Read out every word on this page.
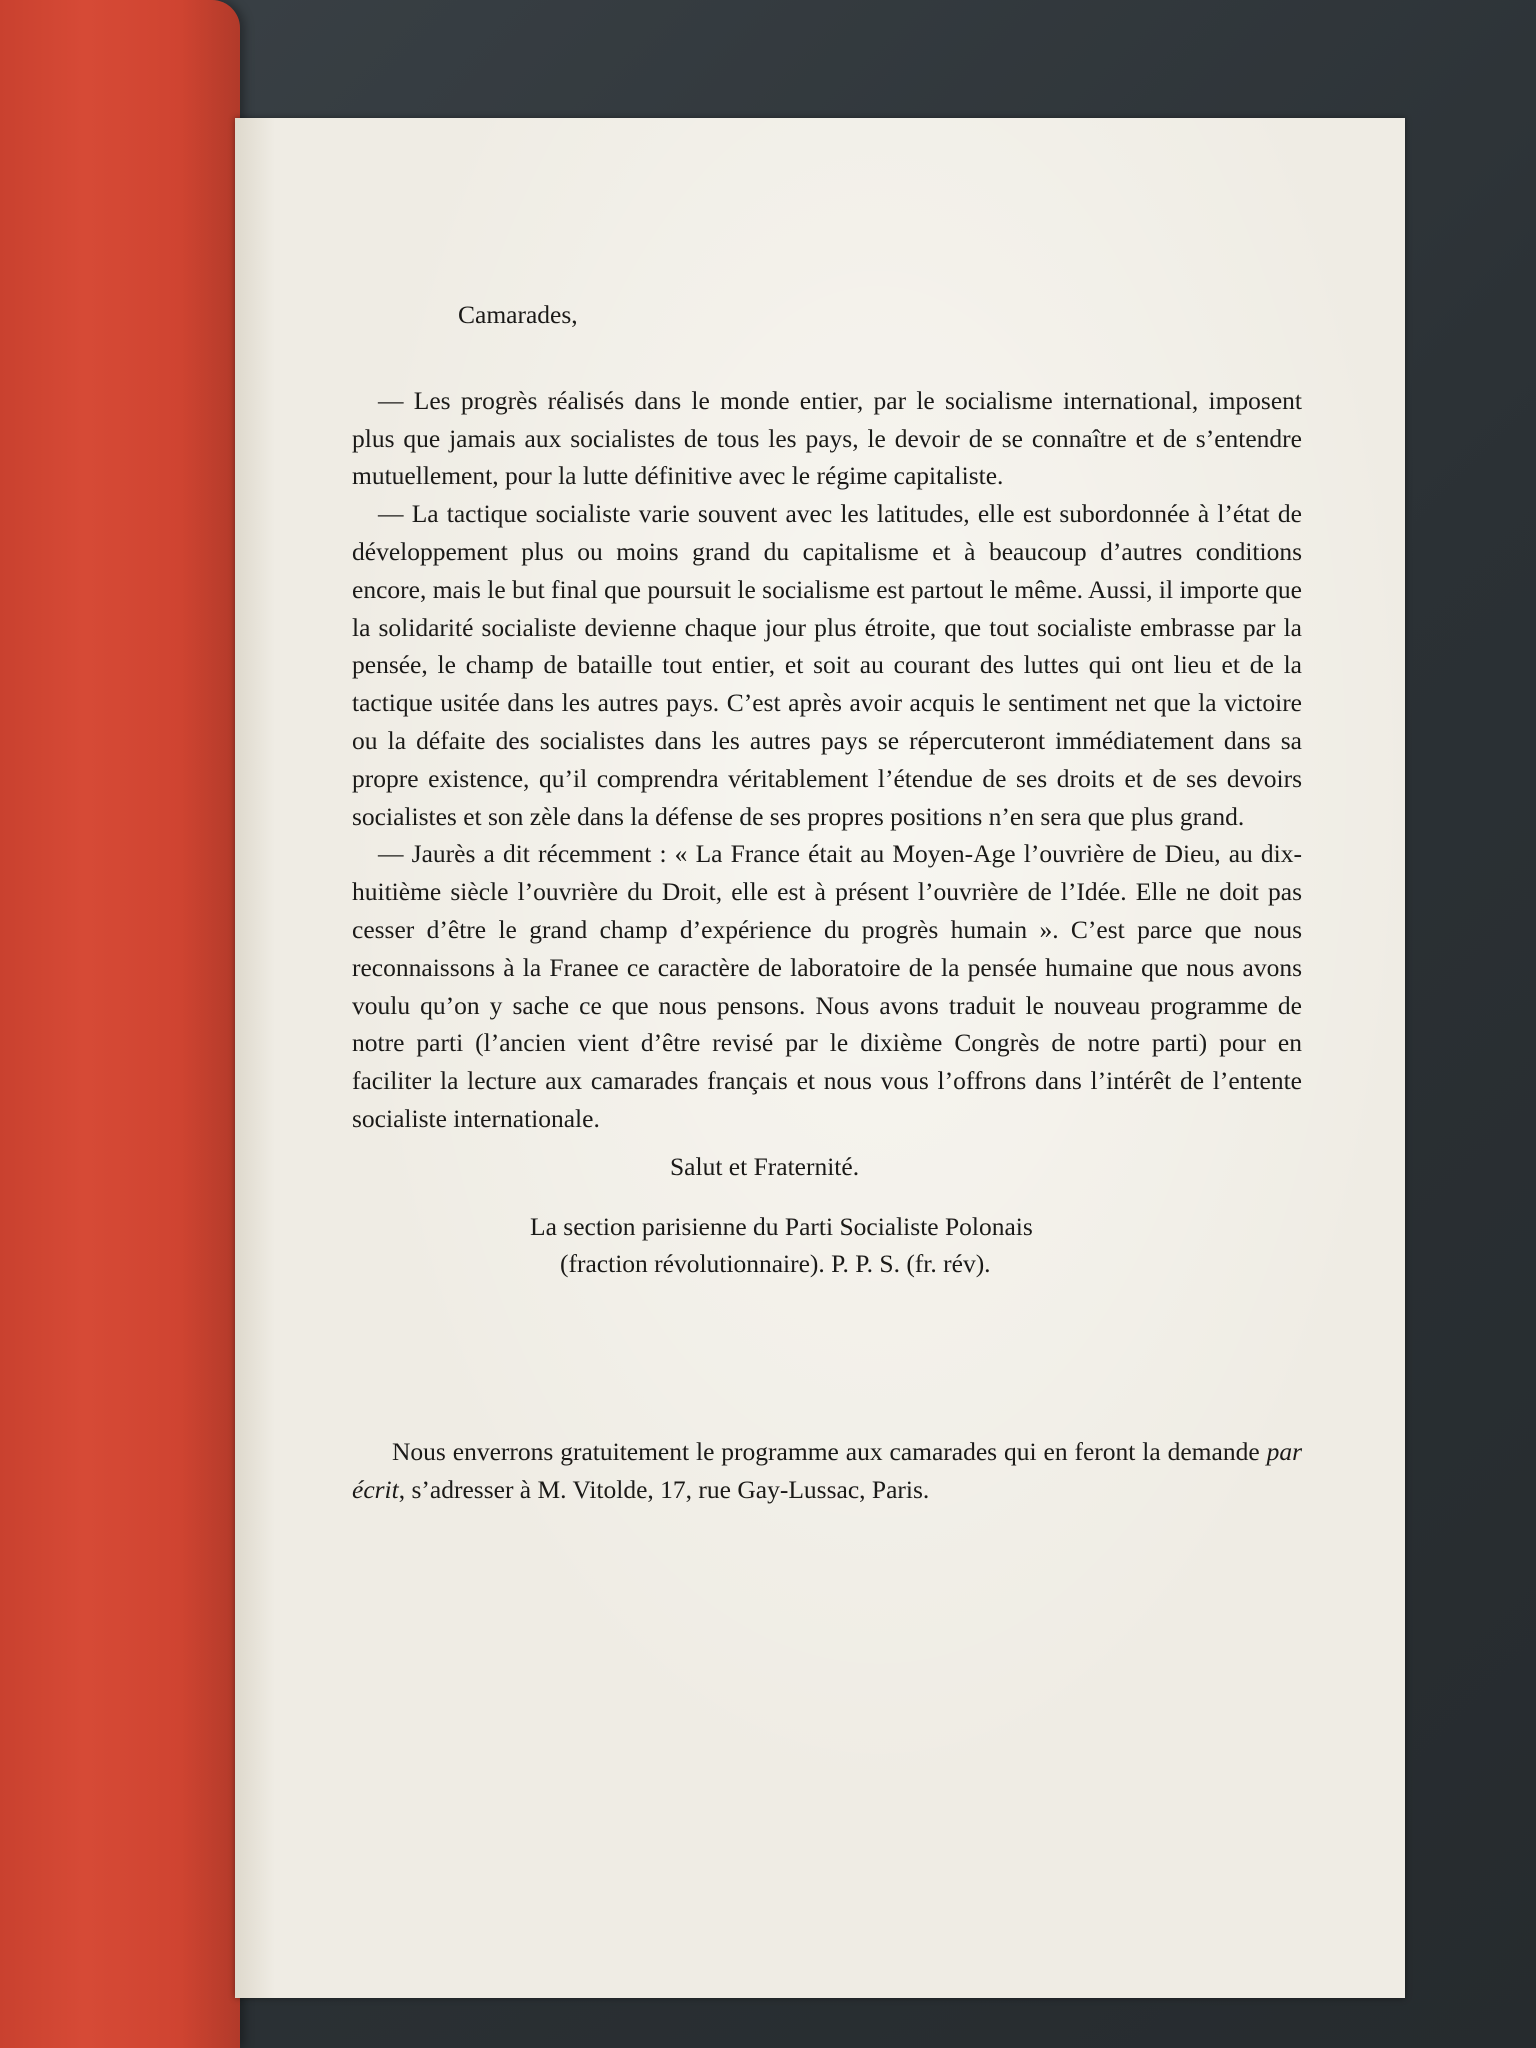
Camarades,

— Les progrès réalisés dans le monde entier, par le socialisme international, imposent plus que jamais aux socialistes de tous les pays, le devoir de se connaître et de s’entendre mutuellement, pour la lutte définitive avec le régime capitaliste.

— La tactique socialiste varie souvent avec les latitudes, elle est subordonnée à l’état de développement plus ou moins grand du capitalisme et à beaucoup d’autres conditions encore, mais le but final que poursuit le socialisme est partout le même. Aussi, il importe que la solidarité socialiste devienne chaque jour plus étroite, que tout socialiste embrasse par la pensée, le champ de bataille tout entier, et soit au courant des luttes qui ont lieu et de la tactique usitée dans les autres pays. C’est après avoir acquis le sentiment net que la victoire ou la défaite des socialistes dans les autres pays se répercuteront immédiatement dans sa propre existence, qu’il comprendra véritablement l’étendue de ses droits et de ses devoirs socialistes et son zèle dans la défense de ses propres positions n’en sera que plus grand.

— Jaurès a dit récemment : « La France était au Moyen-Age l’ouvrière de Dieu, au dix-huitième siècle l’ouvrière du Droit, elle est à présent l’ouvrière de l’Idée. Elle ne doit pas cesser d’être le grand champ d’expérience du progrès humain ». C’est parce que nous reconnaissons à la Franee ce caractère de laboratoire de la pensée humaine que nous avons voulu qu’on y sache ce que nous pensons. Nous avons traduit le nouveau programme de notre parti (l’ancien vient d’être revisé par le dixième Congrès de notre parti) pour en faciliter la lecture aux camarades français et nous vous l’offrons dans l’intérêt de l’entente socialiste internationale.

Salut et Fraternité.

La section parisienne du Parti Socialiste Polonais
(fraction révolutionnaire). P. P. S. (fr. rév).

Nous enverrons gratuitement le programme aux camarades qui en feront la demande par écrit, s’adresser à M. Vitolde, 17, rue Gay-Lussac, Paris.
